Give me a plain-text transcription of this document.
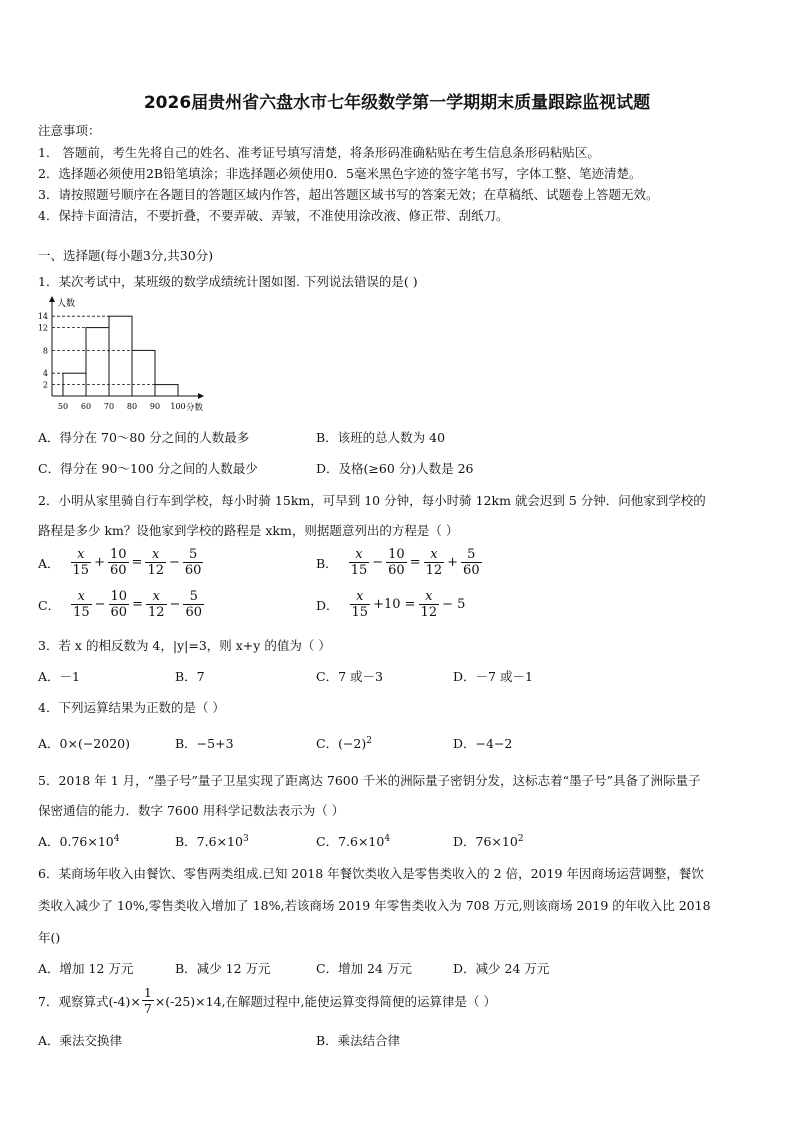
2026届贵州省六盘水市七年级数学第一学期期末质量跟踪监视试题
注意事项：
1． 答题前，考生先将自己的姓名、准考证号填写清楚，将条形码准确粘贴在考生信息条形码粘贴区。
2．选择题必须使用2B铅笔填涂；非选择题必须使用0．5毫米黑色字迹的签字笔书写，字体工整、笔迹清楚。
3．请按照题号顺序在各题目的答题区域内作答，超出答题区域书写的答案无效；在草稿纸、试题卷上答题无效。
4．保持卡面清洁，不要折叠，不要弄破、弄皱，不准使用涂改液、修正带、刮纸刀。
一、选择题(每小题3分,共30分)
1．某次考试中，某班级的数学成绩统计图如图. 下列说法错误的是( )
2
4
8
12
14
50 60 70 80 90 100
人数
分数
A．得分在 70～80 分之间的人数最多	B．该班的总人数为 40
C．得分在 90～100 分之间的人数最少	D．及格(≥60 分)人数是 26
2．小明从家里骑自行车到学校，每小时骑 15km，可早到 10 分钟，每小时骑 12km 就会迟到 5 分钟．问他家到学校的
路程是多少 km？设他家到学校的路程是 xkm，则据题意列出的方程是（ ）
A． $\frac{x}{15} + \frac{10}{60} = \frac{x}{12} - \frac{5}{60}$	B． $\frac{x}{15} - \frac{10}{60} = \frac{x}{12} + \frac{5}{60}$
C． $\frac{x}{15} - \frac{10}{60} = \frac{x}{12} - \frac{5}{60}$	D． $\frac{x}{15} +10 = \frac{x}{12} - 5$
3．若 x 的相反数为 4，|y|=3，则 x+y 的值为（ ）
A．－1	B．7	C．7 或－3	D．－7 或－1
4．下列运算结果为正数的是（ ）
A．0×(−2020)	B．−5+3	C．$(-2)^2$	D．−4−2
5．2018 年 1 月，“墨子号”量子卫星实现了距离达 7600 千米的洲际量子密钥分发，这标志着“墨子号”具备了洲际量子
保密通信的能力．数字 7600 用科学记数法表示为（ ）
A．$0.76\times 10^4$	B．$7.6\times 10^3$	C．$7.6\times 10^4$	D．$76\times 10^2$
6．某商场年收入由餐饮、零售两类组成.已知 2018 年餐饮类收入是零售类收入的 2 倍，2019 年因商场运营调整，餐饮
类收入减少了 10%,零售类收入增加了 18%,若该商场 2019 年零售类收入为 708 万元,则该商场 2019 的年收入比 2018
年()
A．增加 12 万元	B．减少 12 万元	C．增加 24 万元	D．减少 24 万元
7．观察算式$(-4)\times \frac{1}{7} \times(-25)\times 14$,在解题过程中,能使运算变得简便的运算律是（ ）
A．乘法交换律	B．乘法结合律
